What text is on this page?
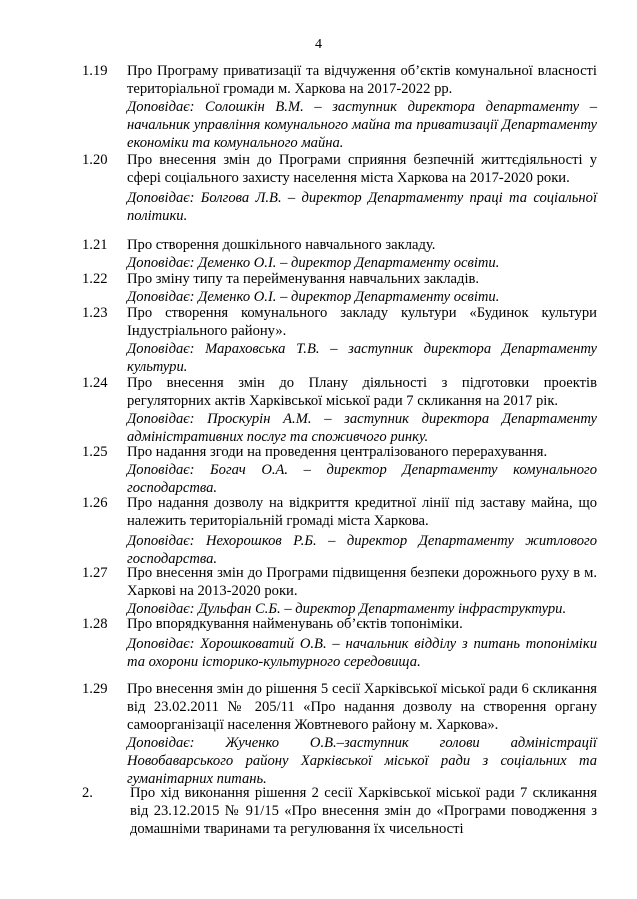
4
1.19	Про Програму приватизації та відчуження об’єктів комунальної власності територіальної громади м. Харкова на 2017-2022 рр.
Доповідає: Солошкін В.М. – заступник директора департаменту – начальник управління комунального майна та приватизації Департаменту економіки та комунального майна.
1.20	Про внесення змін до Програми сприяння безпечній життєдіяльності у сфері соціального захисту населення міста Харкова на 2017-2020 роки.
Доповідає: Болгова Л.В. – директор Департаменту праці та соціальної політики.
1.21	Про створення дошкільного навчального закладу.
Доповідає: Деменко О.І. – директор Департаменту освіти.
1.22	Про зміну типу та перейменування навчальних закладів.
Доповідає: Деменко О.І. – директор Департаменту освіти.
1.23	Про створення комунального закладу культури «Будинок культури Індустріального району».
Доповідає: Мараховська Т.В. – заступник директора Департаменту культури.
1.24	Про внесення змін до Плану діяльності з підготовки проектів регуляторних актів Харківської міської ради 7 скликання на 2017 рік.
Доповідає: Проскурін А.М. – заступник директора Департаменту адміністративних послуг та споживчого ринку.
1.25	Про надання згоди на проведення централізованого перерахування.
Доповідає: Богач О.А. – директор Департаменту комунального господарства.
1.26	Про надання дозволу на відкриття кредитної лінії під заставу майна, що належить територіальній громаді міста Харкова.
Доповідає: Нехорошков Р.Б. – директор Департаменту житлового господарства.
1.27	Про внесення змін до Програми підвищення безпеки дорожнього руху в м. Харкові на 2013-2020 роки.
Доповідає: Дульфан С.Б. – директор Департаменту інфраструктури.
1.28	Про впорядкування найменувань об’єктів топоніміки.
Доповідає: Хорошковатий О.В. – начальник відділу з питань топоніміки та охорони історико-культурного середовища.
1.29	Про внесення змін до рішення 5 сесії Харківської міської ради 6 скликання від 23.02.2011 № 205/11 «Про надання дозволу на створення органу самоорганізації населення Жовтневого району м. Харкова».
Доповідає: Жученко О.В.–заступник голови адміністрації Новобаварського району Харківської міської ради з соціальних та гуманітарних питань.
2.	Про хід виконання рішення 2 сесії Харківської міської ради 7 скликання від 23.12.2015 № 91/15 «Про внесення змін до «Програми поводження з домашніми тваринами та регулювання їх чисельності
